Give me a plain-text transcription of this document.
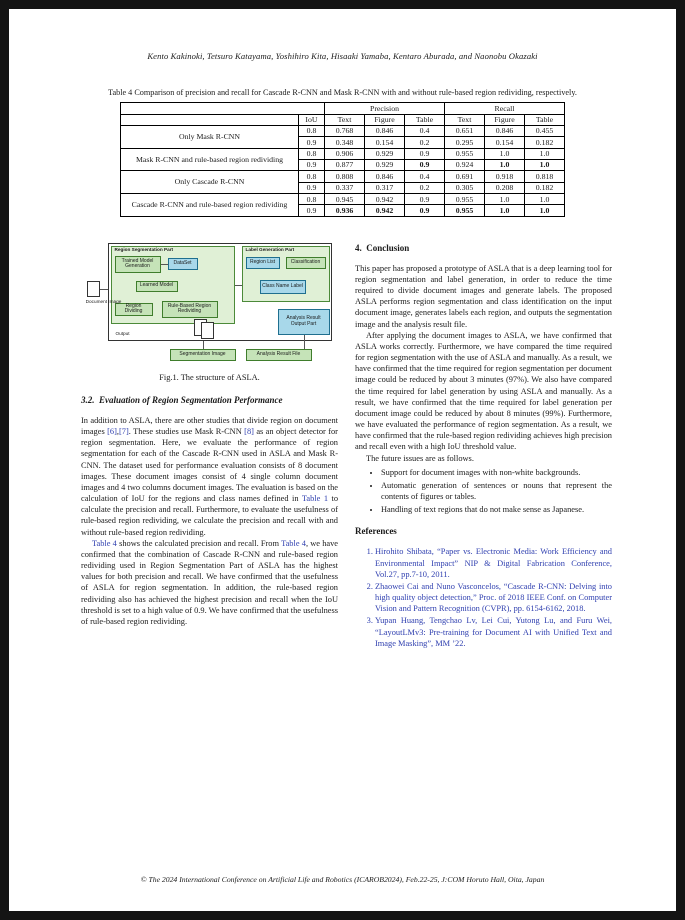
Kento Kakinoki, Tetsuro Katayama, Yoshihiro Kita, Hisaaki Yamaba, Kentaro Aburada, and Naonobu Okazaki
Table 4 Comparison of precision and recall for Cascade R-CNN and Mask R-CNN with and without rule-based region redividing, respectively.
		Precision			Recall		
	IoU	Text	Figure	Table	Text	Figure	Table
Only Mask R-CNN	0.8	0.768	0.846	0.4	0.651	0.846	0.455
	0.9	0.348	0.154	0.2	0.295	0.154	0.182
Mask R-CNN and rule-based region redividing	0.8	0.906	0.929	0.9	0.955	1.0	1.0
	0.9	0.877	0.929	0.9	0.924	1.0	1.0
Only Cascade R-CNN	0.8	0.808	0.846	0.4	0.691	0.918	0.818
	0.9	0.337	0.317	0.2	0.305	0.208	0.182
Cascade R-CNN and rule-based region redividing	0.8	0.945	0.942	0.9	0.955	1.0	1.0
	0.9	0.936	0.942	0.9	0.955	1.0	1.0
Region Segmentation Part
Trained Model Generation
DataSet
Learned Model
Region Dividing
Rule-Based Region Redividing
Label Generation Part
Region List	Classification
Class Name Label
Analysis Result Output Part
Document Image
Output
Segmentation Image	Analysis Result File
Fig.1. The structure of ASLA.
3.2.  Evaluation of Region Segmentation Performance

In addition to ASLA, there are other studies that divide region on document images [6],[7]. These studies use Mask R-CNN [8] as an object detector for region segmentation. Here, we evaluate the performance of region segmentation for each of the Cascade R-CNN used in ASLA and Mask R-CNN. The dataset used for performance evaluation consists of 8 document images. These document images consist of 4 single column document images and 4 two columns document images. The evaluation is based on the calculation of IoU for the regions and class names defined in Table 1 to calculate the precision and recall. Furthermore, to evaluate the usefulness of rule-based region redividing, we calculate the precision and recall with and without rule-based region redividing.

Table 4 shows the calculated precision and recall. From Table 4, we have confirmed that the combination of Cascade R-CNN and rule-based region redividing used in Region Segmentation Part of ASLA has the highest values for both precision and recall. We have confirmed that the usefulness of ASLA for region segmentation. In addition, the rule-based region redividing also has achieved the highest precision and recall when the IoU threshold is set to a high value of 0.9. We have confirmed that the usefulness of rule-based region redividing.

4.  Conclusion

This paper has proposed a prototype of ASLA that is a deep learning tool for region segmentation and label generation, in order to reduce the time required to divide document images and generate labels. The proposed ASLA performs region segmentation and class identification on the input document image, generates labels each region, and outputs the segmentation image and the analysis result file.

After applying the document images to ASLA, we have confirmed that ASLA works correctly. Furthermore, we have compared the time required for region segmentation with the use of ASLA and manually. As a result, we have confirmed that the time required for region segmentation per document image could be reduced by about 3 minutes (97%). We also have compared the time required for label generation by using ASLA and manually. As a result, we have confirmed that the time required for label generation per document image could be reduced by about 8 minutes (99%). Furthermore, we have evaluated the performance of region segmentation. As a result, we have confirmed that the rule-based region redividing achieves high precision and recall even with a high IoU threshold value.

The future issues are as follows.

• Support for document images with non-white backgrounds.
• Automatic generation of sentences or nouns that represent the contents of figures or tables.
• Handling of text regions that do not make sense as Japanese.
References
1. Hirohito Shibata, “Paper vs. Electronic Media: Work Efficiency and Environmental Impact” NIP & Digital Fabrication Conference, Vol.27, pp.7-10, 2011.
2. Zhaowei Cai and Nuno Vasconcelos, “Cascade R-CNN: Delving into high quality object detection,” Proc. of 2018 IEEE Conf. on Computer Vision and Pattern Recognition (CVPR), pp. 6154-6162, 2018.
3. Yupan Huang, Tengchao Lv, Lei Cui, Yutong Lu, and Furu Wei, “LayoutLMv3: Pre-training for Document AI with Unified Text and Image Masking”, MM ’22.
© The 2024 International Conference on Artificial Life and Robotics (ICAROB2024), Feb.22-25, J:COM Horuto Hall, Oita, Japan
